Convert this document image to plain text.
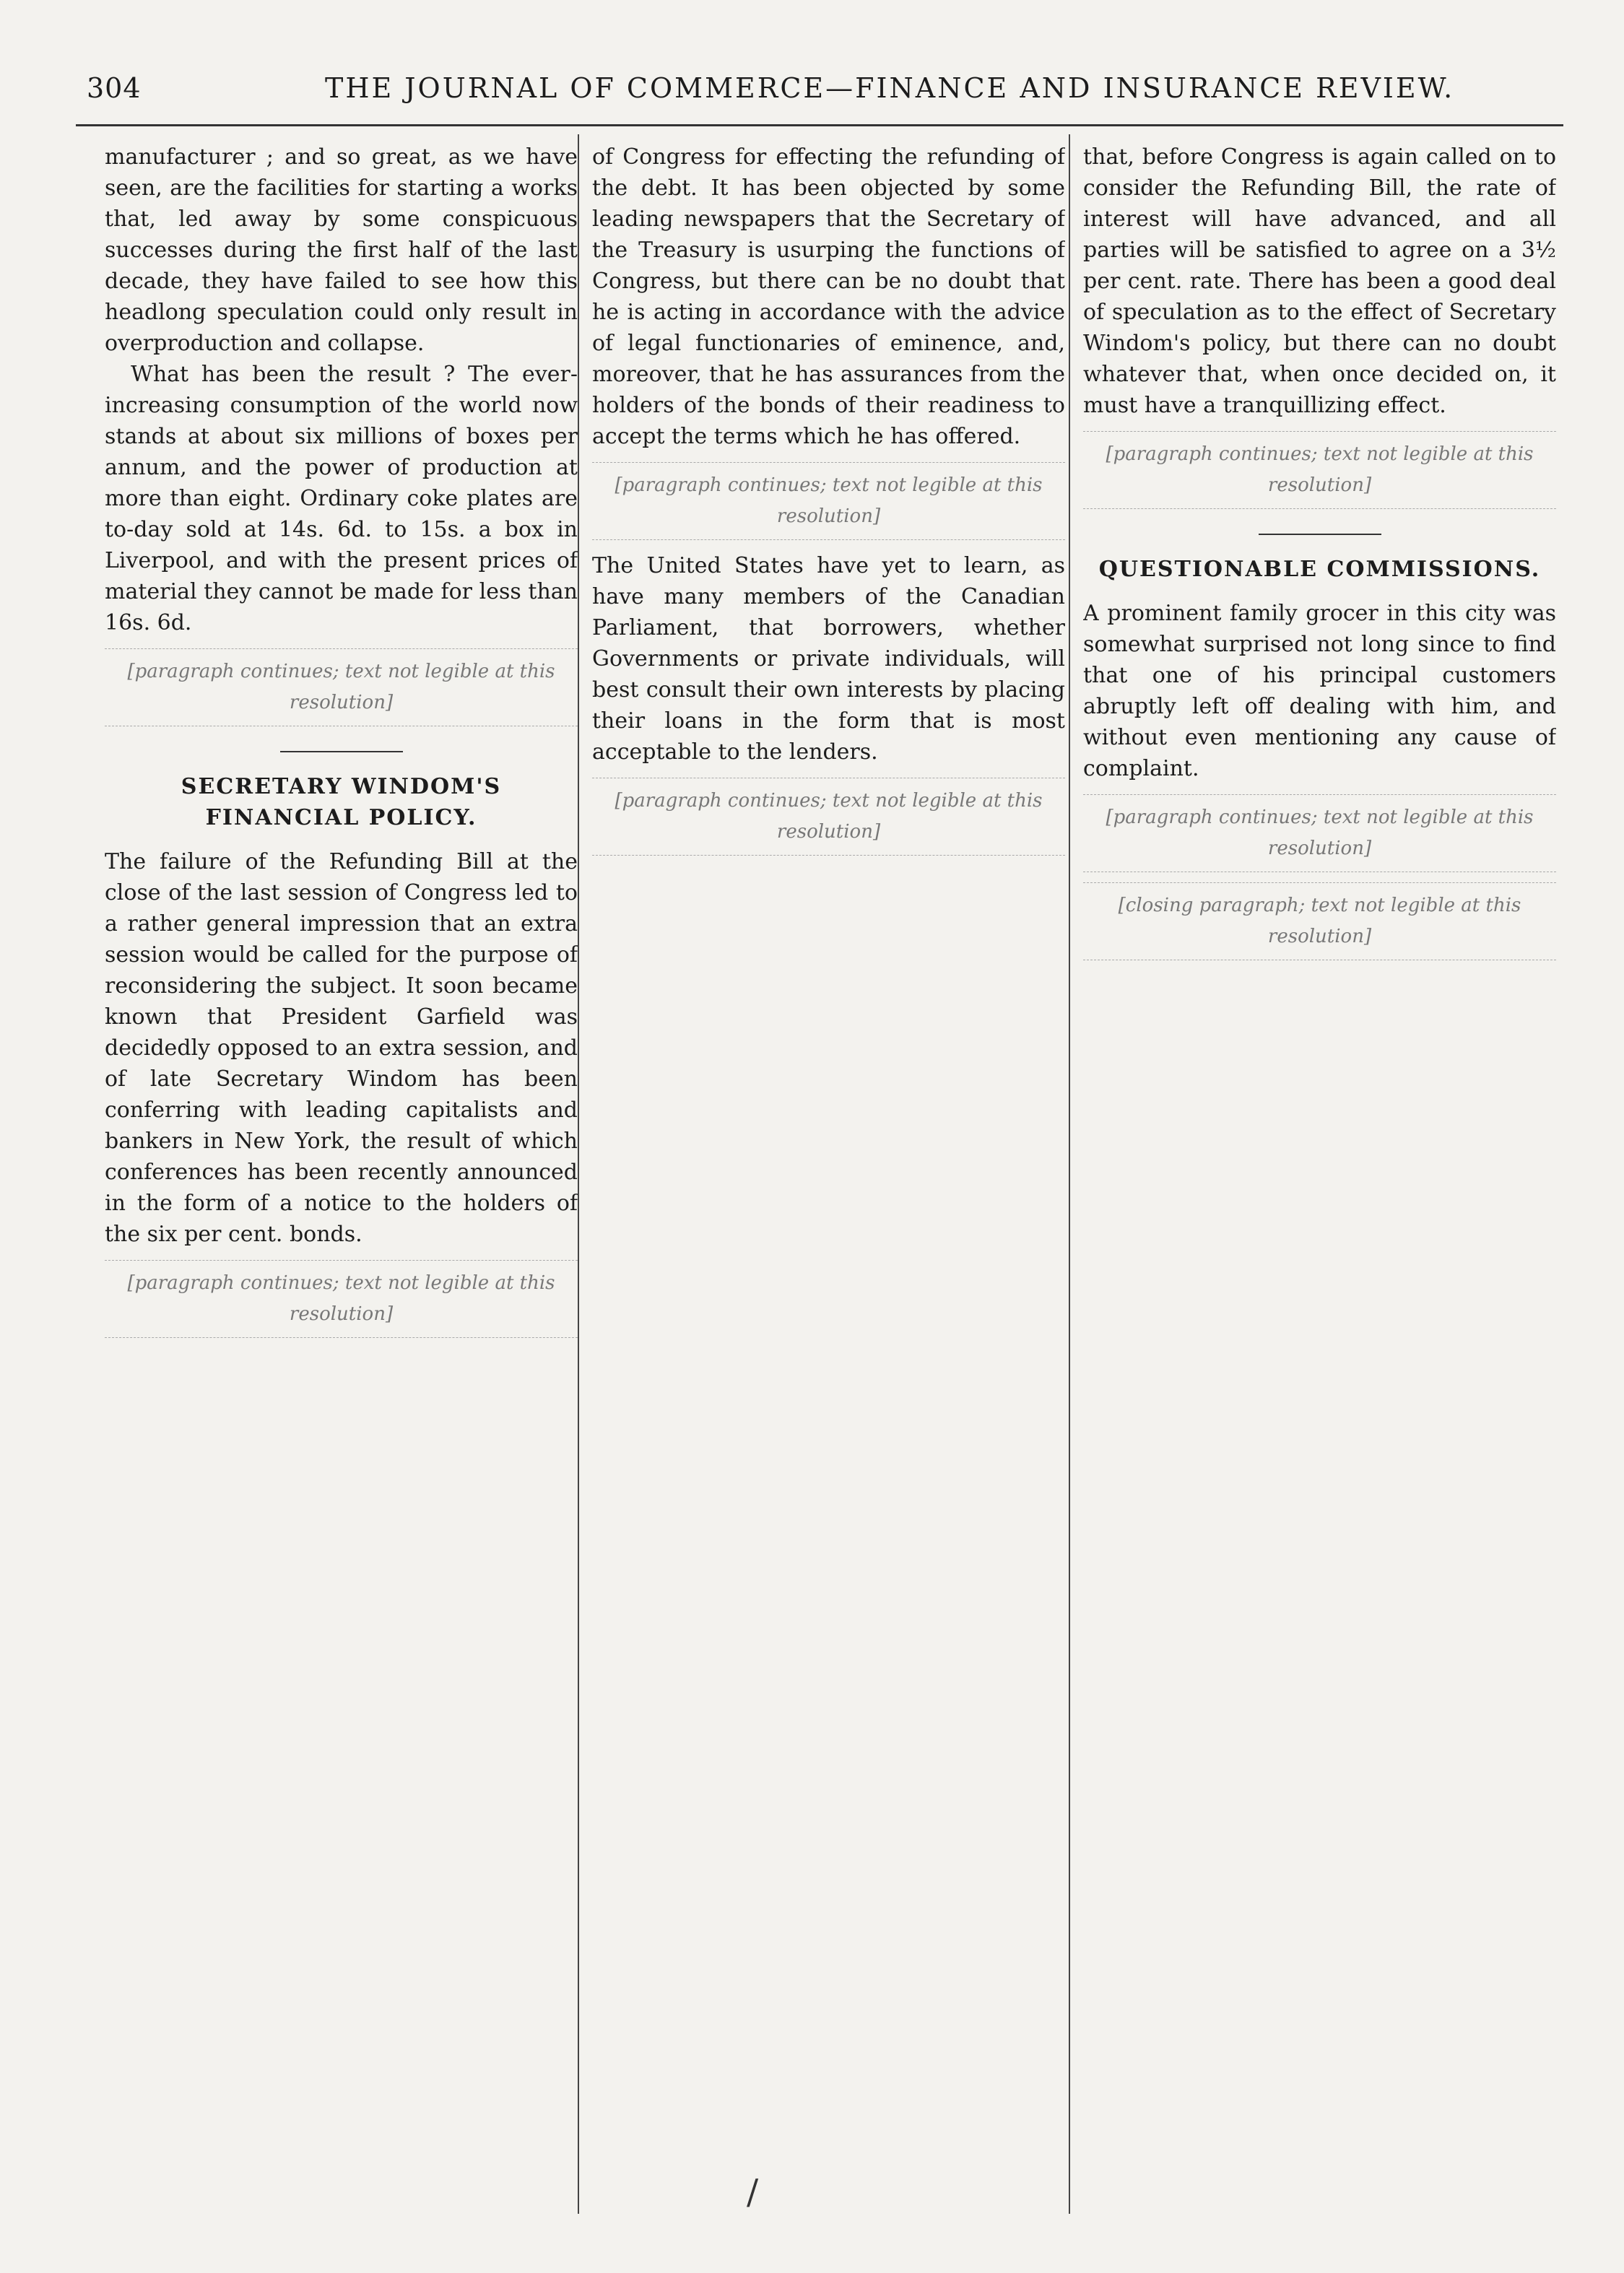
304	THE JOURNAL OF COMMERCE—FINANCE AND INSURANCE REVIEW.

manufacturer ; and so great, as we have seen, are the facilities for starting a works that, led away by some conspicuous successes during the first half of the last decade, they have failed to see how this headlong speculation could only result in overproduction and collapse.

What has been the result ? The ever-increasing consumption of the world now stands at about six millions of boxes per annum, and the power of production at more than eight. Ordinary coke plates are to-day sold at 14s. 6d. to 15s. a box in Liverpool, and with the present prices of material they cannot be made for less than 16s. 6d.

[paragraph continues; text not legible at this resolution]
SECRETARY WINDOM'S FINANCIAL POLICY.

The failure of the Refunding Bill at the close of the last session of Congress led to a rather general impression that an extra session would be called for the purpose of reconsidering the subject. It soon became known that President Garfield was decidedly opposed to an extra session, and of late Secretary Windom has been conferring with leading capitalists and bankers in New York, the result of which conferences has been recently announced in the form of a notice to the holders of the six per cent. bonds.

[paragraph continues; text not legible at this resolution]

of Congress for effecting the refunding of the debt. It has been objected by some leading newspapers that the Secretary of the Treasury is usurping the functions of Congress, but there can be no doubt that he is acting in accordance with the advice of legal functionaries of eminence, and, moreover, that he has assurances from the holders of the bonds of their readiness to accept the terms which he has offered.

[paragraph continues; text not legible at this resolution]

The United States have yet to learn, as have many members of the Canadian Parliament, that borrowers, whether Governments or private individuals, will best consult their own interests by placing their loans in the form that is most acceptable to the lenders.

[paragraph continues; text not legible at this resolution]

that, before Congress is again called on to consider the Refunding Bill, the rate of interest will have advanced, and all parties will be satisfied to agree on a 3½ per cent. rate. There has been a good deal of speculation as to the effect of Secretary Windom's policy, but there can no doubt whatever that, when once decided on, it must have a tranquillizing effect.

[paragraph continues; text not legible at this resolution]
QUESTIONABLE COMMISSIONS.

A prominent family grocer in this city was somewhat surprised not long since to find that one of his principal customers abruptly left off dealing with him, and without even mentioning any cause of complaint.

[paragraph continues; text not legible at this resolution]
[closing paragraph; text not legible at this resolution]
/
